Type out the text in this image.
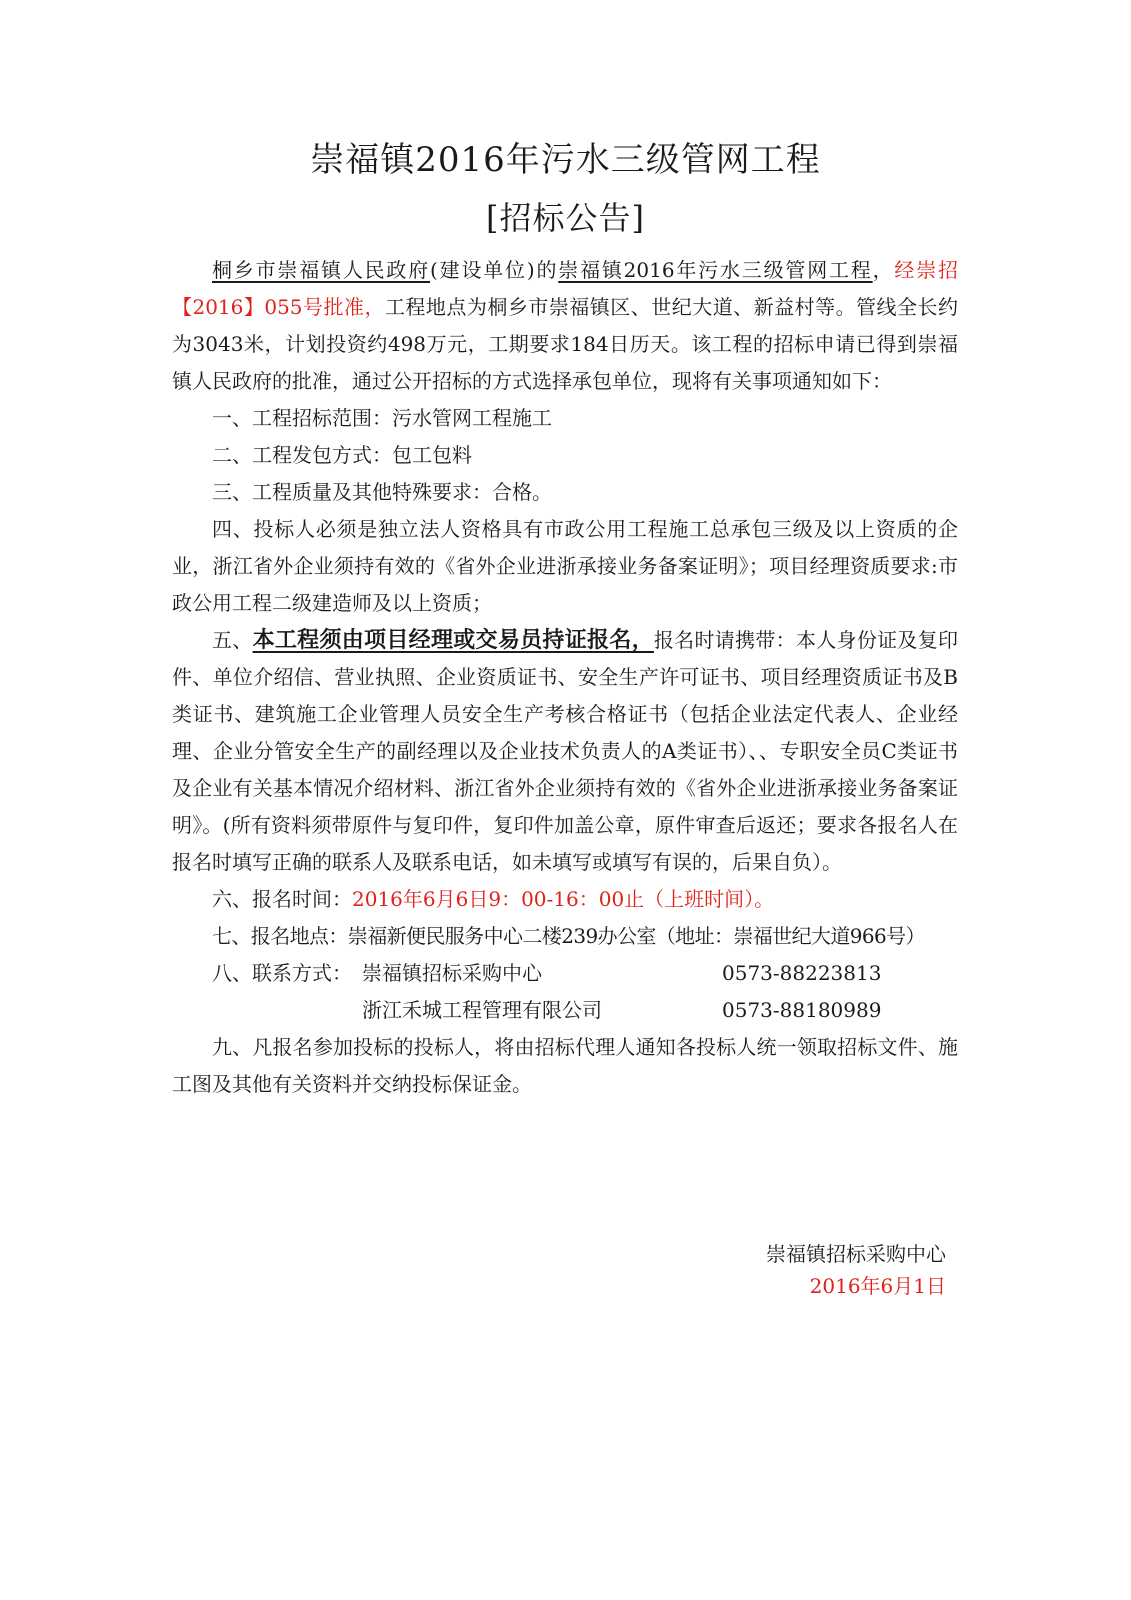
崇福镇2016年污水三级管网工程
[招标公告]

桐乡市崇福镇人民政府(建设单位)的崇福镇2016年污水三级管网工程，经崇招【2016】055号批准，工程地点为桐乡市崇福镇区、世纪大道、新益村等。管线全长约为3043米，计划投资约498万元，工期要求184日历天。该工程的招标申请已得到崇福镇人民政府的批准，通过公开招标的方式选择承包单位，现将有关事项通知如下：

一、工程招标范围：污水管网工程施工

二、工程发包方式：包工包料

三、工程质量及其他特殊要求：合格。

四、投标人必须是独立法人资格具有市政公用工程施工总承包三级及以上资质的企业，浙江省外企业须持有效的《省外企业进浙承接业务备案证明》；项目经理资质要求:市政公用工程二级建造师及以上资质；

五、本工程须由项目经理或交易员持证报名，报名时请携带：本人身份证及复印件、单位介绍信、营业执照、企业资质证书、安全生产许可证书、项目经理资质证书及B类证书、建筑施工企业管理人员安全生产考核合格证书（包括企业法定代表人、企业经理、企业分管安全生产的副经理以及企业技术负责人的A类证书）、、专职安全员C类证书及企业有关基本情况介绍材料、浙江省外企业须持有效的《省外企业进浙承接业务备案证明》。(所有资料须带原件与复印件，复印件加盖公章，原件审查后返还；要求各报名人在报名时填写正确的联系人及联系电话，如未填写或填写有误的，后果自负）。

六、报名时间：2016年6月6日9：00-16：00止（上班时间）。

七、报名地点：崇福新便民服务中心二楼239办公室（地址：崇福世纪大道966号）

八、联系方式： 崇福镇招标采购中心	0573-88223813
浙江禾城工程管理有限公司	0573-88180989

九、凡报名参加投标的投标人，将由招标代理人通知各投标人统一领取招标文件、施工图及其他有关资料并交纳投标保证金。

崇福镇招标采购中心
2016年6月1日
